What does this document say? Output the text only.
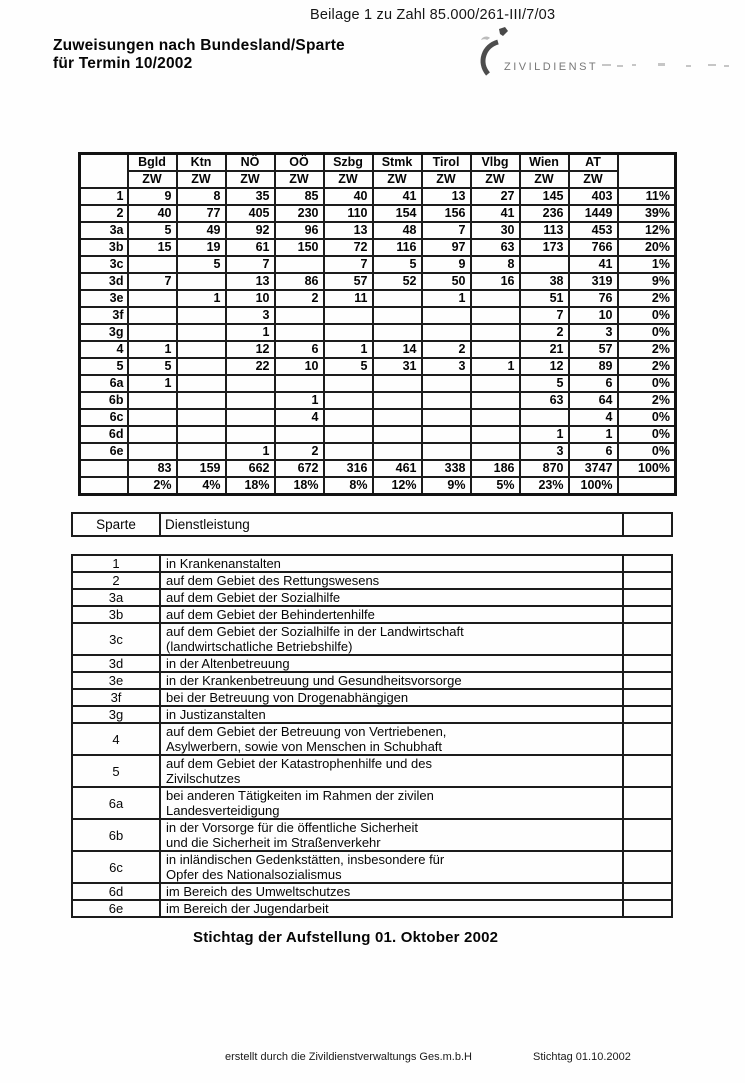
Beilage 1 zu Zahl 85.000/261-III/7/03
Zuweisungen nach Bundesland/Sparte
für Termin 10/2002	ZIVILDIENST
	Bgld	Ktn	NÖ	OÖ	Szbg	Stmk	Tirol	Vlbg	Wien	AT	
	ZW	ZW	ZW	ZW	ZW	ZW	ZW	ZW	ZW	ZW	
1	9	8	35	85	40	41	13	27	145	403	11%
2	40	77	405	230	110	154	156	41	236	1449	39%
3a	5	49	92	96	13	48	7	30	113	453	12%
3b	15	19	61	150	72	116	97	63	173	766	20%
3c		5	7		7	5	9	8		41	1%
3d	7		13	86	57	52	50	16	38	319	9%
3e		1	10	2	11		1		51	76	2%
3f			3						7	10	0%
3g			1						2	3	0%
4	1		12	6	1	14	2		21	57	2%
5	5		22	10	5	31	3	1	12	89	2%
6a	1								5	6	0%
6b				1					63	64	2%
6c				4						4	0%
6d									1	1	0%
6e			1	2					3	6	0%
	83	159	662	672	316	461	338	186	870	3747	100%
	2%	4%	18%	18%	8%	12%	9%	5%	23%	100%	
Sparte	Dienstleistung	
1	in Krankenanstalten	

2	auf dem Gebiet des Rettungswesens	

3a	auf dem Gebiet der Sozialhilfe	

3b	auf dem Gebiet der Behindertenhilfe	

3c	auf dem Gebiet der Sozialhilfe in der Landwirtschaft
(landwirtschatliche Betriebshilfe)	

3d	in der Altenbetreuung	

3e	in der Krankenbetreuung und Gesundheitsvorsorge	

3f	bei der Betreuung von Drogenabhängigen	

3g	in Justizanstalten	

4	auf dem Gebiet der Betreuung von Vertriebenen,
Asylwerbern, sowie von Menschen in Schubhaft	

5	auf dem Gebiet der Katastrophenhilfe und des
Zivilschutzes	

6a	bei anderen Tätigkeiten im Rahmen der zivilen
Landesverteidigung	

6b	in der Vorsorge für die öffentliche Sicherheit
und die Sicherheit im Straßenverkehr	

6c	in inländischen Gedenkstätten, insbesondere für
Opfer des Nationalsozialismus	

6d	im Bereich des Umweltschutzes	

6e	im Bereich der Jugendarbeit	

Stichtag der Aufstellung 01. Oktober 2002
erstellt durch die Zivildienstverwaltungs Ges.m.b.H	Stichtag 01.10.2002
